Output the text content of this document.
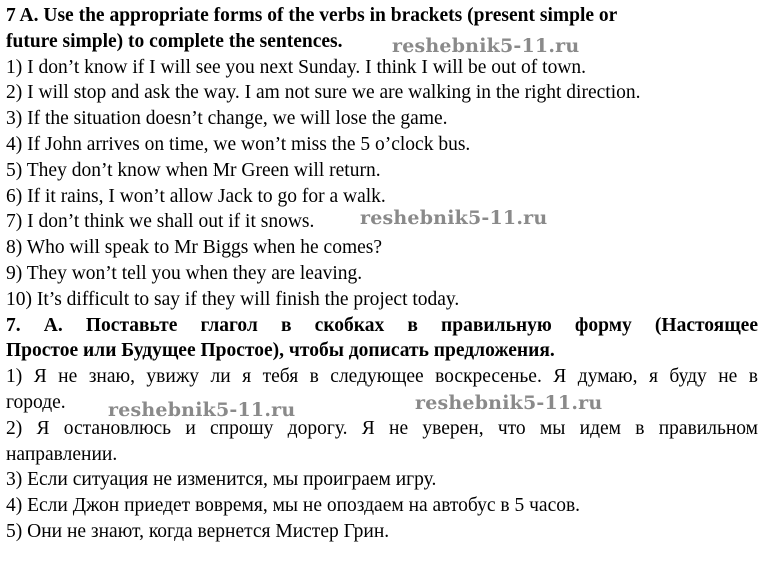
7 A. Use the appropriate forms of the verbs in brackets (present simple or
future simple) to complete the sentences.
1) I don’t know if I will see you next Sunday. I think I will be out of town.
2) I will stop and ask the way. I am not sure we are walking in the right direction.
3) If the situation doesn’t change, we will lose the game.
4) If John arrives on time, we won’t miss the 5 o’clock bus.
5) They don’t know when Mr Green will return.
6) If it rains, I won’t allow Jack to go for a walk.
7) I don’t think we shall out if it snows.
8) Who will speak to Mr Biggs when he comes?
9) They won’t tell you when they are leaving.
10) It’s difficult to say if they will finish the project today.
7. А. Поставьте глагол в скобках в правильную форму (Настоящее
Простое или Будущее Простое), чтобы дописать предложения.
1) Я не знаю, увижу ли я тебя в следующее воскресенье. Я думаю, я буду не в
городе.
2) Я остановлюсь и спрошу дорогу. Я не уверен, что мы идем в правильном
направлении.
3) Если ситуация не изменится, мы проиграем игру.
4) Если Джон приедет вовремя, мы не опоздаем на автобус в 5 часов.
5) Они не знают, когда вернется Мистер Грин.
reshebnik5-11.ru
reshebnik5-11.ru
reshebnik5-11.ru	reshebnik5-11.ru
